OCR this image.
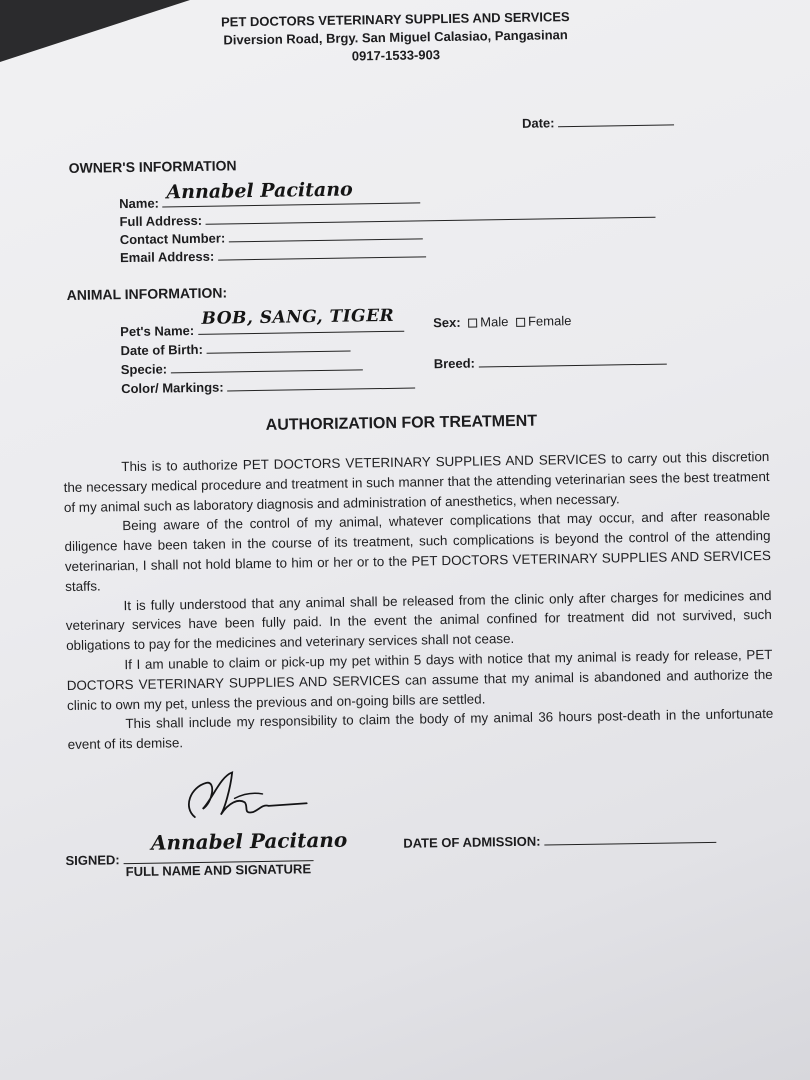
PET DOCTORS VETERINARY SUPPLIES AND SERVICES
Diversion Road, Brgy. San Miguel Calasiao, Pangasinan
0917-1533-903
Date:
OWNER'S INFORMATION
Name: Annabel Pacitano
Full Address:
Contact Number:
Email Address:
ANIMAL INFORMATION:
Pet's Name:
BOB, SANG, TIGER	Sex: Male Female
Date of Birth:
Specie:	Breed:
Color/ Markings:
AUTHORIZATION FOR TREATMENT

This is to authorize PET DOCTORS VETERINARY SUPPLIES AND SERVICES to carry out this discretion the necessary medical procedure and treatment in such manner that the attending veterinarian sees the best treatment of my animal such as laboratory diagnosis and administration of anesthetics, when necessary.

Being aware of the control of my animal, whatever complications that may occur, and after reasonable diligence have been taken in the course of its treatment, such complications is beyond the control of the attending veterinarian, I shall not hold blame to him or her or to the PET DOCTORS VETERINARY SUPPLIES AND SERVICES staffs.

It is fully understood that any animal shall be released from the clinic only after charges for medicines and veterinary services have been fully paid. In the event the animal confined for treatment did not survived, such obligations to pay for the medicines and veterinary services shall not cease.

If I am unable to claim or pick-up my pet within 5 days with notice that my animal is ready for release, PET DOCTORS VETERINARY SUPPLIES AND SERVICES can assume that my animal is abandoned and authorize the clinic to own my pet, unless the previous and on-going bills are settled.

This shall include my responsibility to claim the body of my animal 36 hours post-death in the unfortunate event of its demise.

SIGNED:
Annabel Pacitano
FULL NAME AND SIGNATURE
DATE OF ADMISSION:
